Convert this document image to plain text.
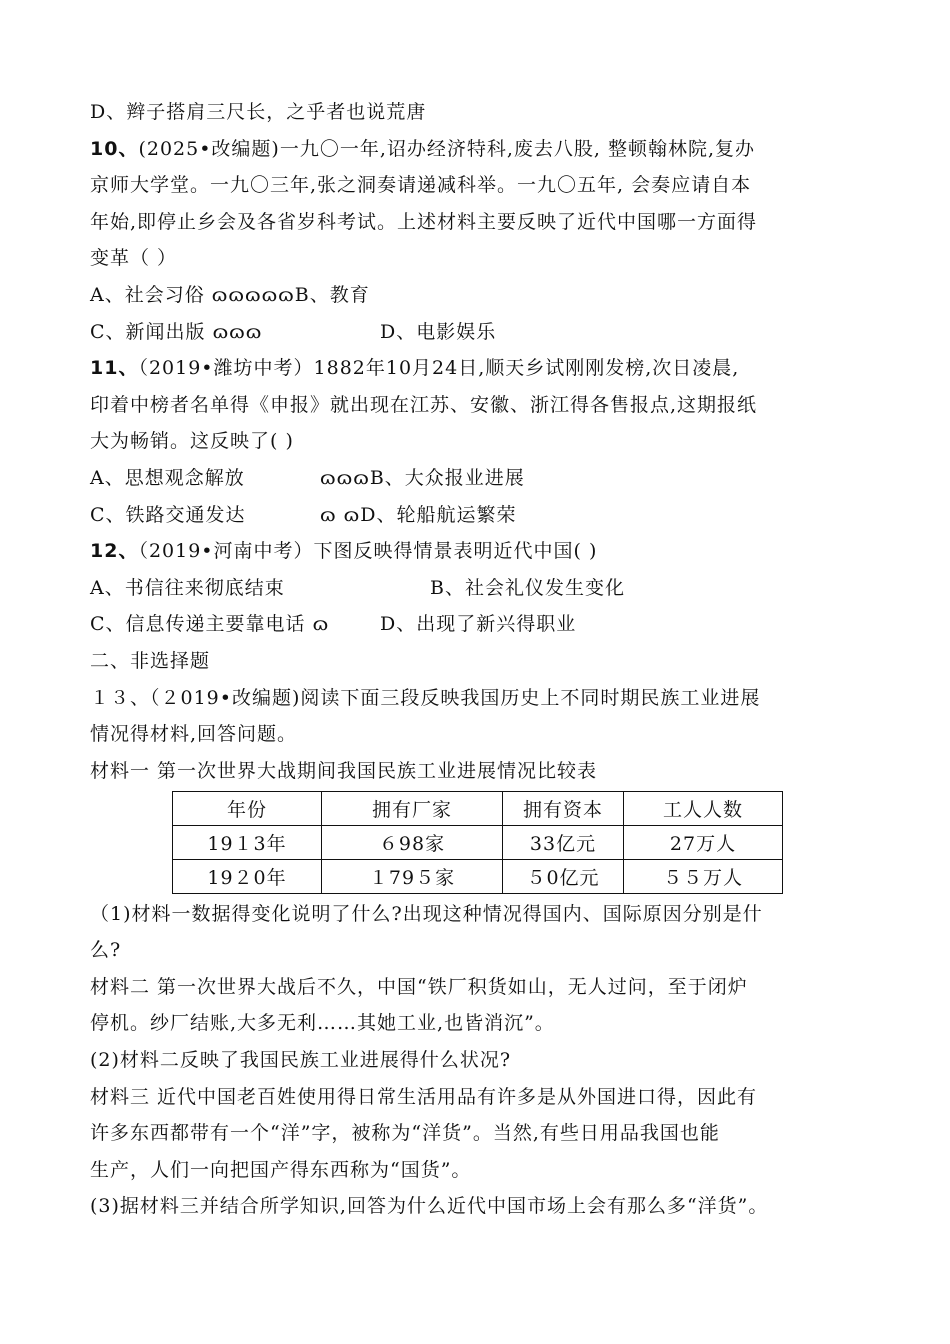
D、辫子搭肩三尺长，之乎者也说荒唐
10、(2025•改编题)一九〇一年,诏办经济特科,废去八股, 整顿翰林院,复办
京师大学堂。一九〇三年,张之洞奏请递减科举。一九〇五年, 会奏应请自本
年始,即停止乡会及各省岁科考试。上述材料主要反映了近代中国哪一方面得
变革（ ）
A、社会习俗 ɷɷɷɷɷB、教育
C、新闻出版 ɷɷɷ	D、电影娱乐
11、（2019•潍坊中考）1882年10月24日,顺天乡试刚刚发榜,次日凌晨,
印着中榜者名单得《申报》就出现在江苏、安徽、浙江得各售报点,这期报纸
大为畅销。这反映了( )
A、思想观念解放	ɷɷɷB、大众报业进展
C、铁路交通发达	ɷ ɷD、轮船航运繁荣
12、（2019•河南中考）下图反映得情景表明近代中国( )
A、书信往来彻底结束	B、社会礼仪发生变化
C、信息传递主要靠电话 ɷ	D、出现了新兴得职业
二、非选择题
１３、（２019•改编题)阅读下面三段反映我国历史上不同时期民族工业进展
情况得材料,回答问题。
材料一 第一次世界大战期间我国民族工业进展情况比较表
年份	拥有厂家	拥有资本	工人人数
19１3年	６98家	33亿元	27万人
19２0年	１79５家	５0亿元	５５万人
（1)材料一数据得变化说明了什么?出现这种情况得国内、国际原因分别是什
么?
材料二 第一次世界大战后不久，中国“铁厂积货如山，无人过问，至于闭炉
停机。纱厂结账,大多无利……其她工业,也皆消沉”。
(2)材料二反映了我国民族工业进展得什么状况?
材料三 近代中国老百姓使用得日常生活用品有许多是从外国进口得，因此有
许多东西都带有一个“洋”字，被称为“洋货”。当然,有些日用品我国也能
生产，人们一向把国产得东西称为“国货”。
(3)据材料三并结合所学知识,回答为什么近代中国市场上会有那么多“洋货”。
